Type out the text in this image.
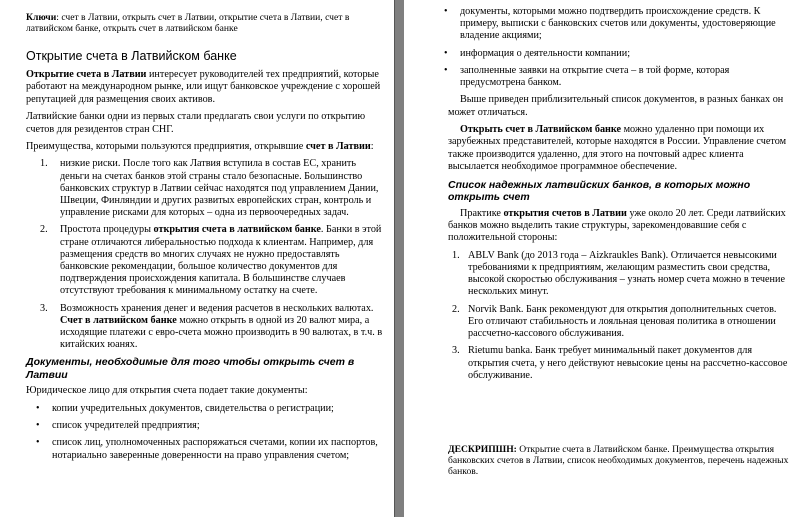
Ключи: счет в Латвии, открыть счет в Латвии, открытие счета в Латвии, счет в латвийском банке, открыть счет в латвийском банке

Открытие счета в Латвийском банке

Открытие счета в Латвии интересует руководителей тех предприятий, которые работают на международном рынке, или ищут банковское учреждение с хорошей репутацией для размещения своих активов.

Латвийские банки одни из первых стали предлагать свои услуги по открытию счетов для резидентов стран СНГ.

Преимущества, которыми пользуются предприятия, открывшие счет в Латвии:

1. низкие риски. После того как Латвия вступила в состав ЕС, хранить деньги на счетах банков этой страны стало безопасные. Большинство банковских структур в Латвии сейчас находятся под управлением Дании, Швеции, Финляндии и других развитых европейских стран, контроль и управление рисками для которых – одна из первоочередных задач.
2. Простота процедуры открытия счета в латвийском банке. Банки в этой стране отличаются либеральностью подхода к клиентам. Например, для размещения средств во многих случаях не нужно предоставлять банковские рекомендации, большое количество документов для подтверждения происхождения капитала. В большинстве случаев отсутствуют требования к минимальному остатку на счете.
3. Возможность хранения денег и ведения расчетов в нескольких валютах. Счет в латвийском банке можно открыть в одной из 20 валют мира, а исходящие платежи с евро-счета можно производить в 90 валютах, в т.ч. в китайских юанях.
Документы, необходимые для того чтобы открыть счет в Латвии

Юридическое лицо для открытия счета подает такие документы:

• копии учредительных документов, свидетельства о регистрации;
• список учредителей предприятия;
• список лиц, уполномоченных распоряжаться счетами, копии их паспортов, нотариально заверенные доверенности на право управления счетом;
• документы, которыми можно подтвердить происхождение средств. К примеру, выписки с банковских счетов или документы, удостоверяющие владение акциями;
• информация о деятельности компании;
• заполненные заявки на открытие счета – в той форме, которая предусмотрена банком.

Выше приведен приблизительный список документов, в разных банках он может отличаться.

Открыть счет в Латвийском банке можно удаленно при помощи их зарубежных представителей, которые находятся в России. Управление счетом также производится удаленно, для этого на почтовый адрес клиента высылается необходимое программное обеспечение.

Список надежных латвийских банков, в которых можно открыть счет

Практике открытия счетов в Латвии уже около 20 лет. Среди латвийских банков можно выделить такие структуры, зарекомендовавшие себя с положительной стороны:

1. ABLV Bank (до 2013 года – Aizkraukles Bank). Отличается невысокими требованиями к предприятиям, желающим разместить свои средства, высокой скоростью обслуживания – узнать номер счета можно в течение нескольких минут.
2. Norvik Bank. Банк рекомендуют для открытия дополнительных счетов. Его отличают стабильность и лояльная ценовая политика в отношении рассчетно-кассового обслуживания.
3. Rietumu banka. Банк требует минимальный пакет документов для открытия счета, у него действуют невысокие цены на рассчетно-кассовое обслуживание.

ДЕСКРИПШН: Открытие счета в Латвийском банке. Преимущества открытия банковских счетов в Латвии, список необходимых документов, перечень надежных банков.
